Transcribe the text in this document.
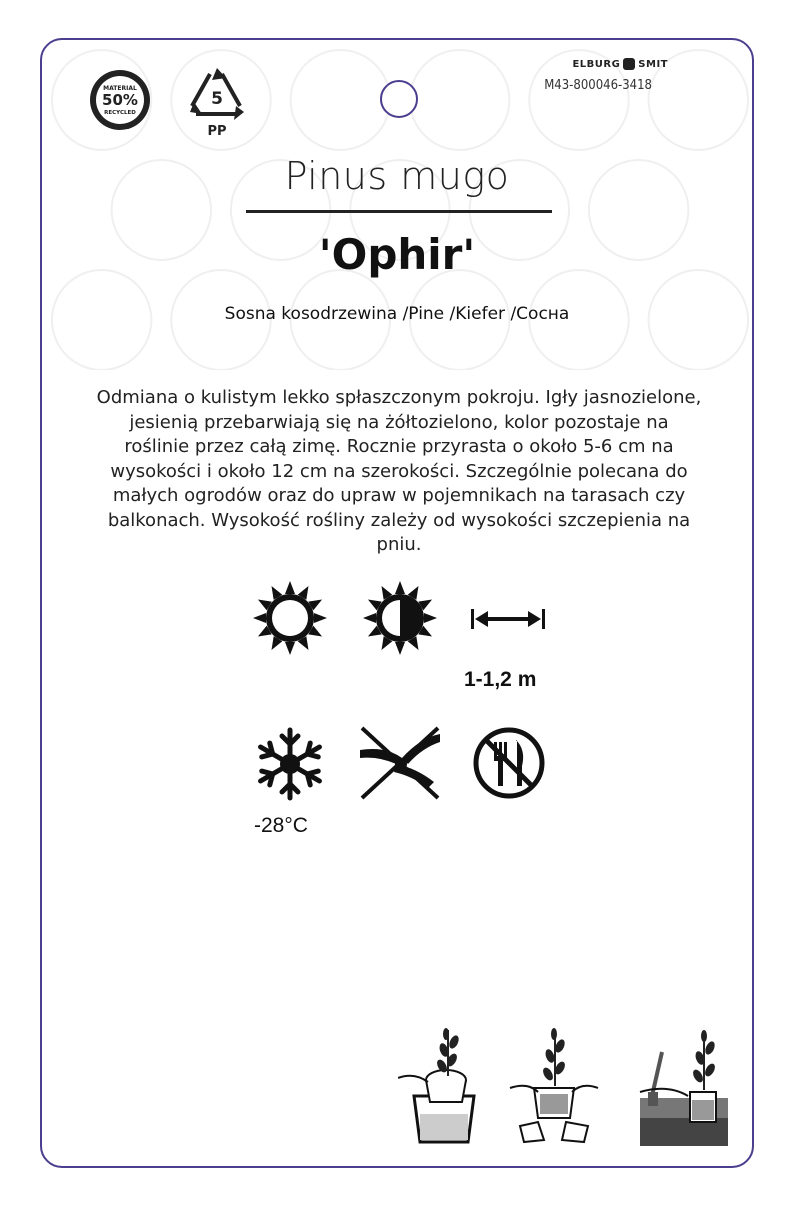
MATERIAL
50%
RECYCLED
5
PP
ELBURG SMIT
M43-800046-3418
Pinus mugo
'Ophir'
Sosna kosodrzewina /Pine /Kiefer /Сосна
Odmiana o kulistym lekko spłaszczonym pokroju. Igły jasnozielone,
jesienią przebarwiają się na żółtozielono, kolor pozostaje na
roślinie przez całą zimę. Rocznie przyrasta o około 5-6 cm na
wysokości i około 12 cm na szerokości. Szczególnie polecana do
małych ogrodów oraz do upraw w pojemnikach na tarasach czy
balkonach. Wysokość rośliny zależy od wysokości szczepienia na
pniu.
1-1,2 m
-28°C
